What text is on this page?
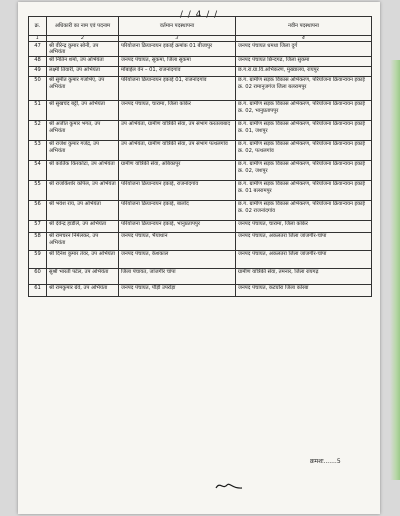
/ / 4 / /
क्र.	अधिकारी का नाम एवं पदनाम	वर्तमान पदस्थापना	नवीन पदस्थापना
1	2	3	4
47	श्री वीरेन्द्र कुमार सोनी, उप अभियंता	परियोजना क्रियान्वयन इकाई क्रमांक 01 बीजापुर	जनपद पंचायत धमधा जिला दुर्ग
48	श्री नितिन शर्मा, उप अभियंता	जनपद पंचायत, सुकमा, जिला सुकमा	जनपद पंचायत छिन्दगढ, जिला सुकमा
49	लक्ष्मी तिवारी, उप अभियंता	मॉबाईल वेन – 01, राजनांदगांव	छ.ग.रा.ग्रा.वि.अभिकरण, मुख्यालय, रायपुर
50	श्री सुमीत कुमार गजभिए, उप अभियंता	परियोजना क्रियान्वयन इकाई 01, राजनांदगांव	छ.ग. ग्रामीण सड़क विकास अभिकरण, परियोजना क्रियान्वयन इकाई क्र. 02 रामानुजगंज जिला बलरामपुर
51	श्री सुखचंद बट्टी, उप अभियंता	जनपद पंचायत, चारामा, जिला कांकेर	छ.ग. ग्रामीण सड़क विकास अभिकरण, परियोजना क्रियान्वयन इकाई क्र. 02, भानुप्रतापपुर
52	श्री अजीत कुमार भगत, उप अभियंता	उप अभियंता, ग्रामीण यांत्रिकी सेवा, उप संभाग करतलाबाद	छ.ग. ग्रामीण सड़क विकास अभिकरण, परियोजना क्रियान्वयन इकाई क्र. 01, जशपुर
53	श्री राजेश कुमार गजेंद्र, उप अभियंता	उप अभियंता, ग्रामीण यांत्रिकी सेवा, उप संभाग पत्थलगांव	छ.ग. ग्रामीण सड़क विकास अभिकरण, परियोजना क्रियान्वयन इकाई क्र. 02, पत्थलगांव
54	श्री कार्तिक किरकोटा, उप अभियंता	ग्रामीण यांत्रिकी सेवा, अंबिकापुर	छ.ग. ग्रामीण सड़क विकास अभिकरण, परियोजना क्रियान्वयन इकाई क्र. 02, जशपुर
55	श्री राजकिशोर कपिल, उप अभियंता	परियोजना क्रियान्वयन इकाई, राजनांदगांव	छ.ग. ग्रामीण सड़क विकास अभिकरण, परियोजना क्रियान्वयन इकाई क्र. 01 बलरामपुर
56	श्री भवंश राय, उप अभियंता	परियोजना क्रियान्वयन इकाई, बालोद	छ.ग. ग्रामीण सड़क विकास अभिकरण, परियोजना क्रियान्वयन इकाई क्र. 02 राजनांदगांव
57	श्री देवेन्द्र हाडीले, उप अभियंता	परियोजना क्रियान्वयन इकाई, भानुप्रतापपुर	जनपद पंचायत, चारामा, जिला कांकेर
58	श्री रामचरन निर्मलकर, उप अभियंता	जनपद पंचायत, भैयाथान	जनपद पंचायत, अकलतरा जिला जांजगीर-चांपा
59	श्री दिनेश कुमार तंवर, उप अभियंता	जनपद पंचायत, केशकाल	जनपद पंचायत, अकलतरा जिला जांजगीर-चांपा
60	सुश्री भारती पटेल, उप अभियंता	जिला पंचायत, जांजगीर चांपा	ग्रामीण यांत्रिकी सेवा, तमनार, जिला रायगढ़
61	श्री रामकुमार ग्रेवें, उप अभियंता	जनपद पंचायत, पौड़ी उपरोड़ा	जनपद पंचायत, कटघोरा जिला कोरबा
क्रमशः.......5
